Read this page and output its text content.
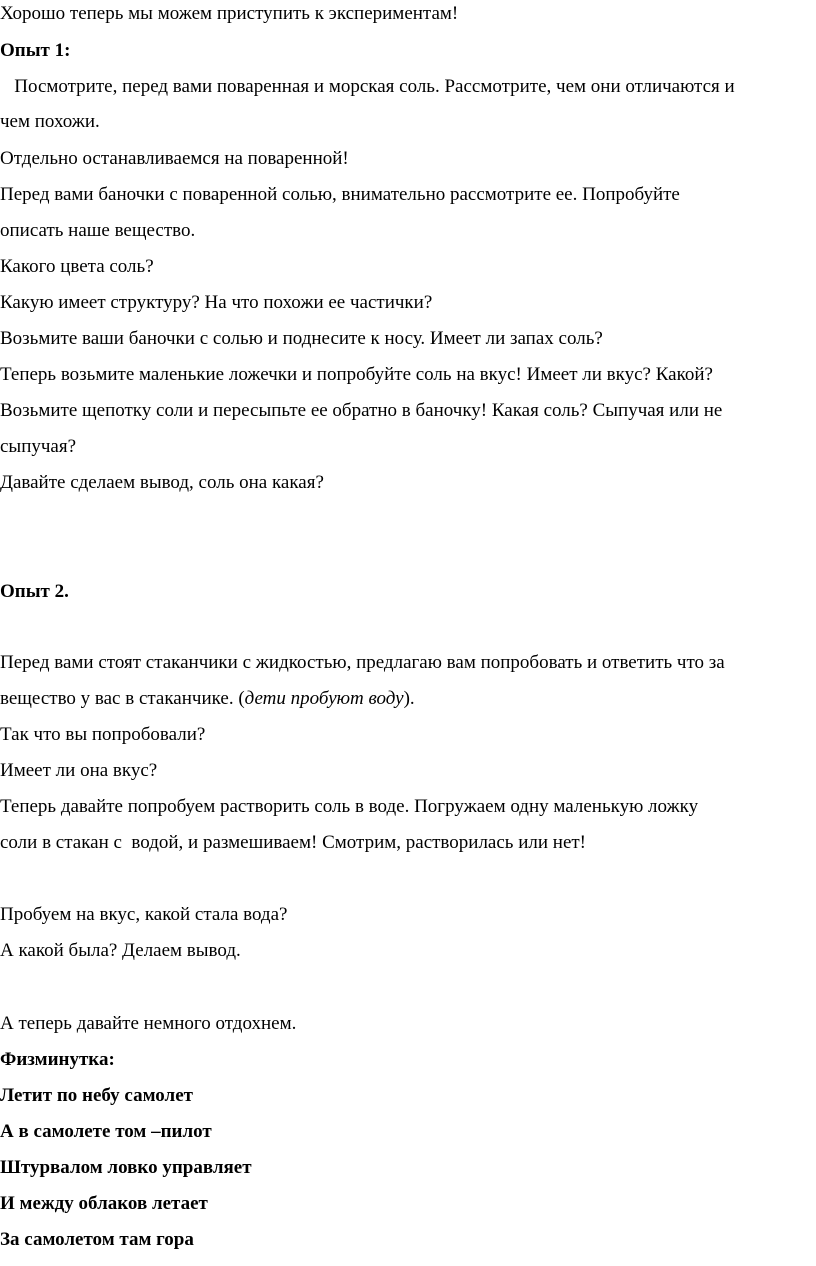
Хорошо теперь мы можем приступить к экспериментам!
Опыт 1:
Посмотрите, перед вами поваренная и морская соль. Рассмотрите, чем они отличаются и
чем похожи.
Отдельно останавливаемся на поваренной!
Перед вами баночки с поваренной солью, внимательно рассмотрите ее. Попробуйте
описать наше вещество.
Какого цвета соль?
Какую имеет структуру? На что похожи ее частички?
Возьмите ваши баночки с солью и поднесите к носу. Имеет ли запах соль?
Теперь возьмите маленькие ложечки и попробуйте соль на вкус! Имеет ли вкус? Какой?
Возьмите щепотку соли и пересыпьте ее обратно в баночку! Какая соль? Сыпучая или не
сыпучая?
Давайте сделаем вывод, соль она какая?
Опыт 2.
Перед вами стоят стаканчики с жидкостью, предлагаю вам попробовать и ответить что за
вещество у вас в стаканчике. (дети пробуют воду).
Так что вы попробовали?
Имеет ли она вкус?
Теперь давайте попробуем растворить соль в воде. Погружаем одну маленькую ложку
соли в стакан с  водой, и размешиваем! Смотрим, растворилась или нет!
Пробуем на вкус, какой стала вода?
А какой была? Делаем вывод.
А теперь давайте немного отдохнем.
Физминутка:
Летит по небу самолет
А в самолете том –пилот
Штурвалом ловко управляет
И между облаков летает
За самолетом там гора
